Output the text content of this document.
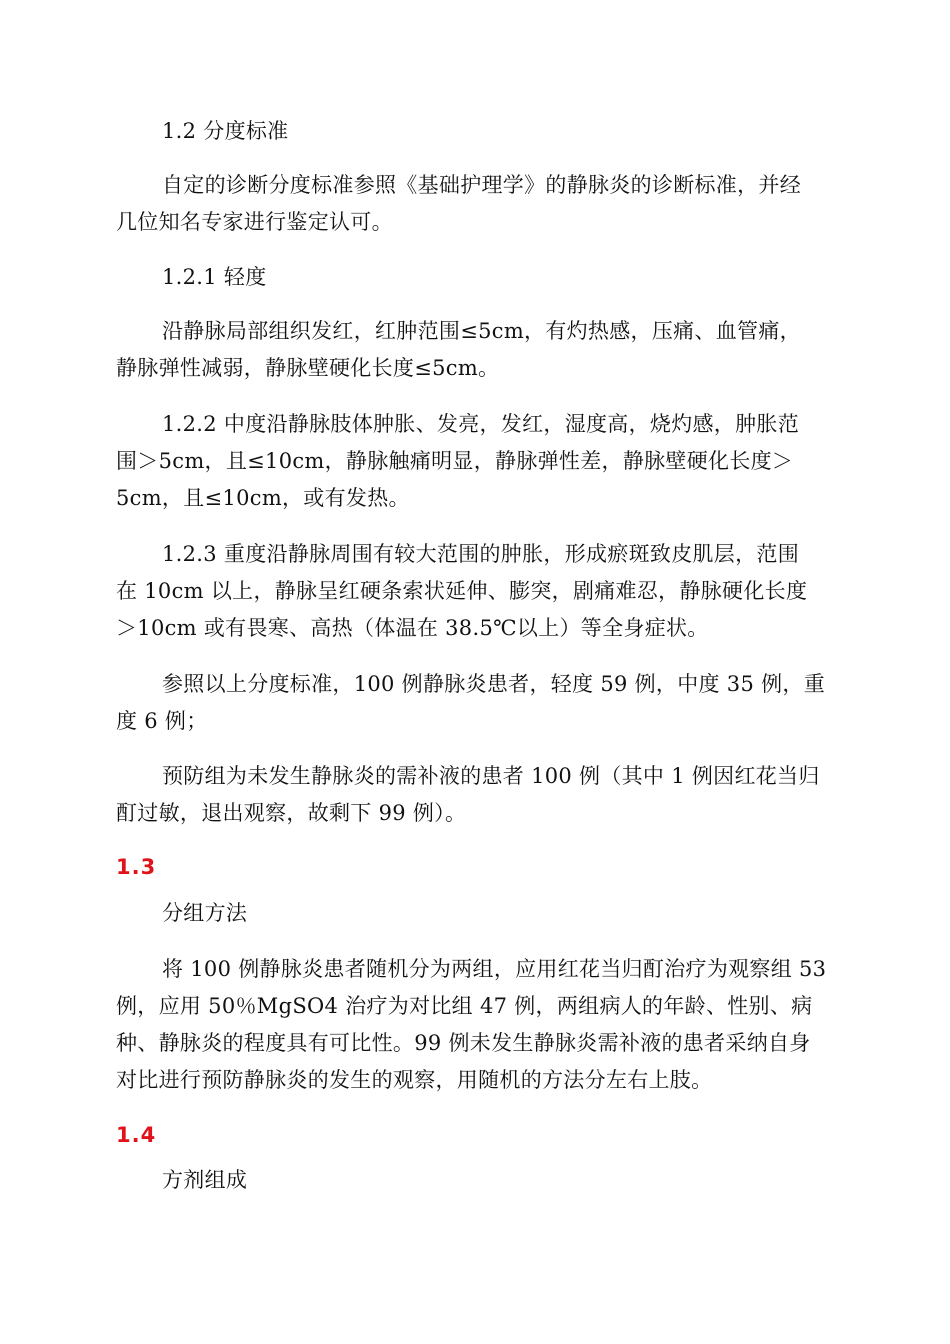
1.2 分度标准
自定的诊断分度标准参照《基础护理学》的静脉炎的诊断标准，并经
几位知名专家进行鉴定认可。
1.2.1 轻度
沿静脉局部组织发红，红肿范围≤5cm，有灼热感，压痛、血管痛，
静脉弹性减弱，静脉壁硬化长度≤5cm。
1.2.2 中度沿静脉肢体肿胀、发亮，发红，湿度高，烧灼感，肿胀范
围＞5cm，且≤10cm，静脉触痛明显，静脉弹性差，静脉壁硬化长度＞
5cm，且≤10cm，或有发热。
1.2.3 重度沿静脉周围有较大范围的肿胀，形成瘀斑致皮肌层，范围
在 10cm 以上，静脉呈红硬条索状延伸、膨突，剧痛难忍，静脉硬化长度
＞10cm 或有畏寒、高热（体温在 38.5℃以上）等全身症状。
参照以上分度标准，100 例静脉炎患者，轻度 59 例，中度 35 例，重
度 6 例；
预防组为未发生静脉炎的需补液的患者 100 例（其中 1 例因红花当归
酊过敏，退出观察，故剩下 99 例）。
1.3
分组方法
将 100 例静脉炎患者随机分为两组，应用红花当归酊治疗为观察组 53
例，应用 50％MgSO4 治疗为对比组 47 例，两组病人的年龄、性别、病
种、静脉炎的程度具有可比性。99 例未发生静脉炎需补液的患者采纳自身
对比进行预防静脉炎的发生的观察，用随机的方法分左右上肢。
1.4
方剂组成
